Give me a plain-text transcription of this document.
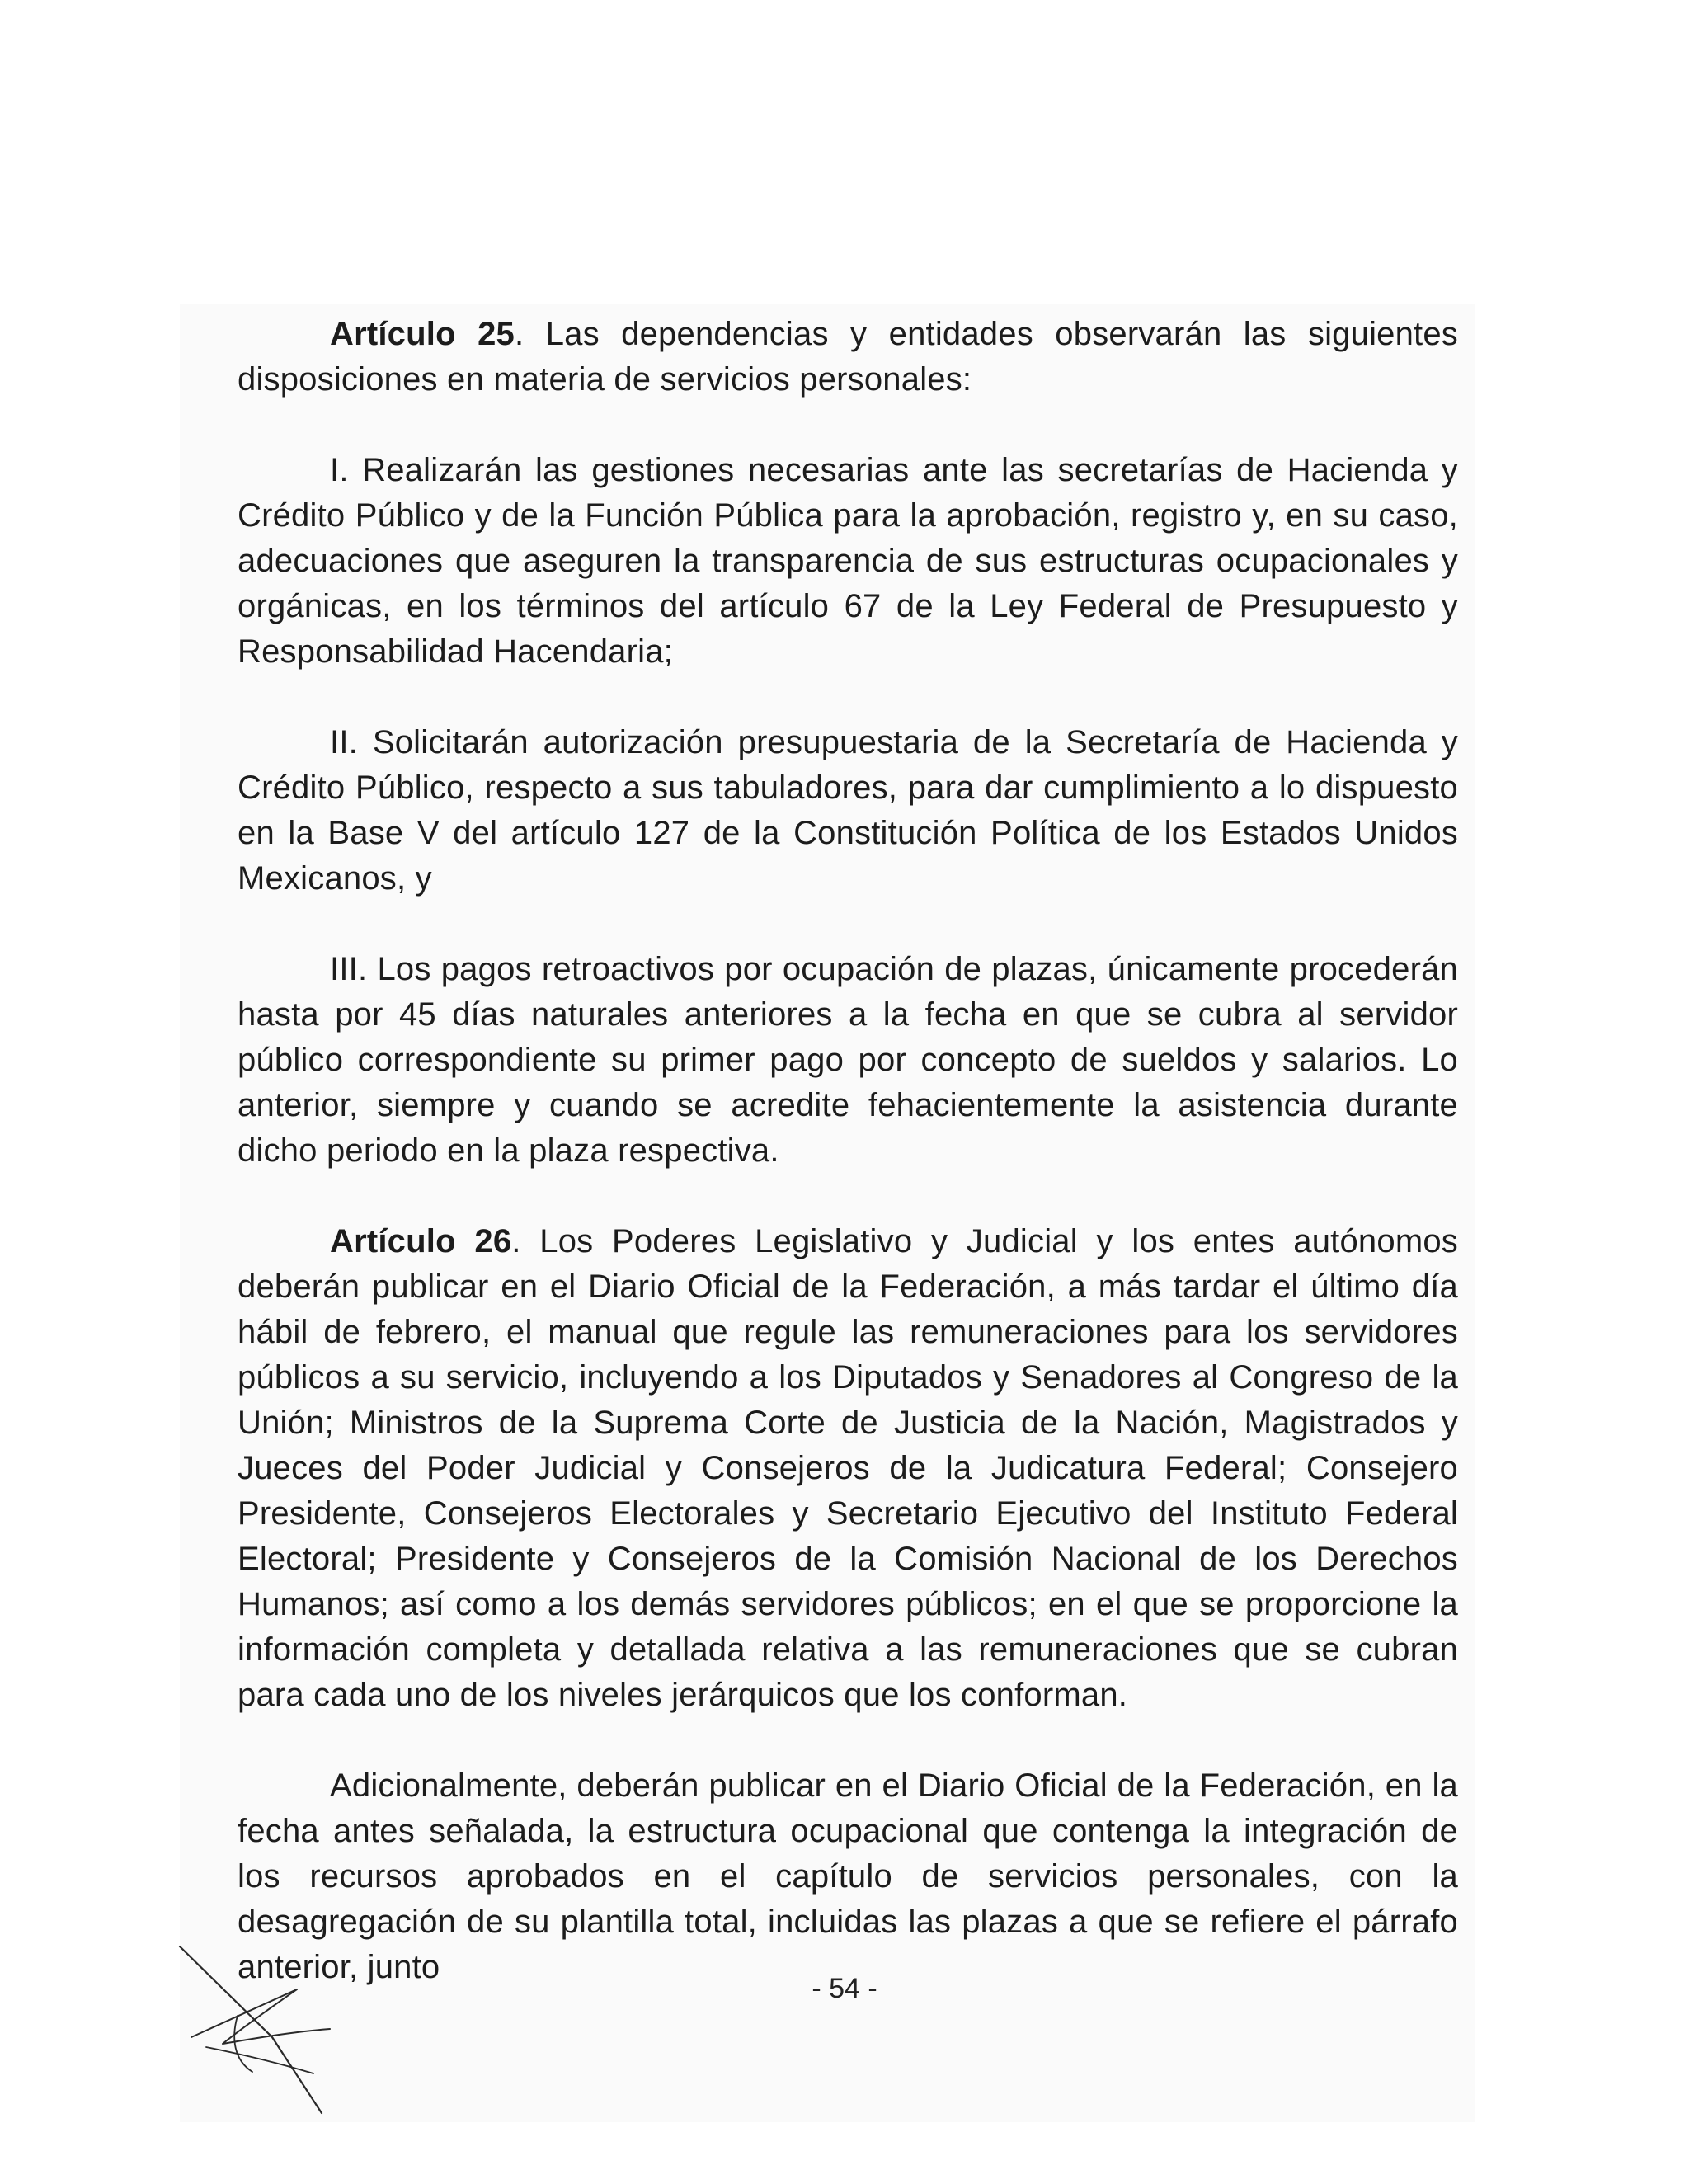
Artículo 25. Las dependencias y entidades observarán las siguientes disposiciones en materia de servicios personales:

I. Realizarán las gestiones necesarias ante las secretarías de Hacienda y Crédito Público y de la Función Pública para la aprobación, registro y, en su caso, adecuaciones que aseguren la transparencia de sus estructuras ocupacionales y orgánicas, en los términos del artículo 67 de la Ley Federal de Presupuesto y Responsabilidad Hacendaria;

II. Solicitarán autorización presupuestaria de la Secretaría de Hacienda y Crédito Público, respecto a sus tabuladores, para dar cumplimiento a lo dispuesto en la Base V del artículo 127 de la Constitución Política de los Estados Unidos Mexicanos, y

III. Los pagos retroactivos por ocupación de plazas, únicamente procederán hasta por 45 días naturales anteriores a la fecha en que se cubra al servidor público correspondiente su primer pago por concepto de sueldos y salarios. Lo anterior, siempre y cuando se acredite fehacientemente la asistencia durante dicho periodo en la plaza respectiva.

Artículo 26. Los Poderes Legislativo y Judicial y los entes autónomos deberán publicar en el Diario Oficial de la Federación, a más tardar el último día hábil de febrero, el manual que regule las remuneraciones para los servidores públicos a su servicio, incluyendo a los Diputados y Senadores al Congreso de la Unión; Ministros de la Suprema Corte de Justicia de la Nación, Magistrados y Jueces del Poder Judicial y Consejeros de la Judicatura Federal; Consejero Presidente, Consejeros Electorales y Secretario Ejecutivo del Instituto Federal Electoral; Presidente y Consejeros de la Comisión Nacional de los Derechos Humanos; así como a los demás servidores públicos; en el que se proporcione la información completa y detallada relativa a las remuneraciones que se cubran para cada uno de los niveles jerárquicos que los conforman.

Adicionalmente, deberán publicar en el Diario Oficial de la Federación, en la fecha antes señalada, la estructura ocupacional que contenga la integración de los recursos aprobados en el capítulo de servicios personales, con la desagregación de su plantilla total, incluidas las plazas a que se refiere el párrafo anterior, junto

- 54 -
